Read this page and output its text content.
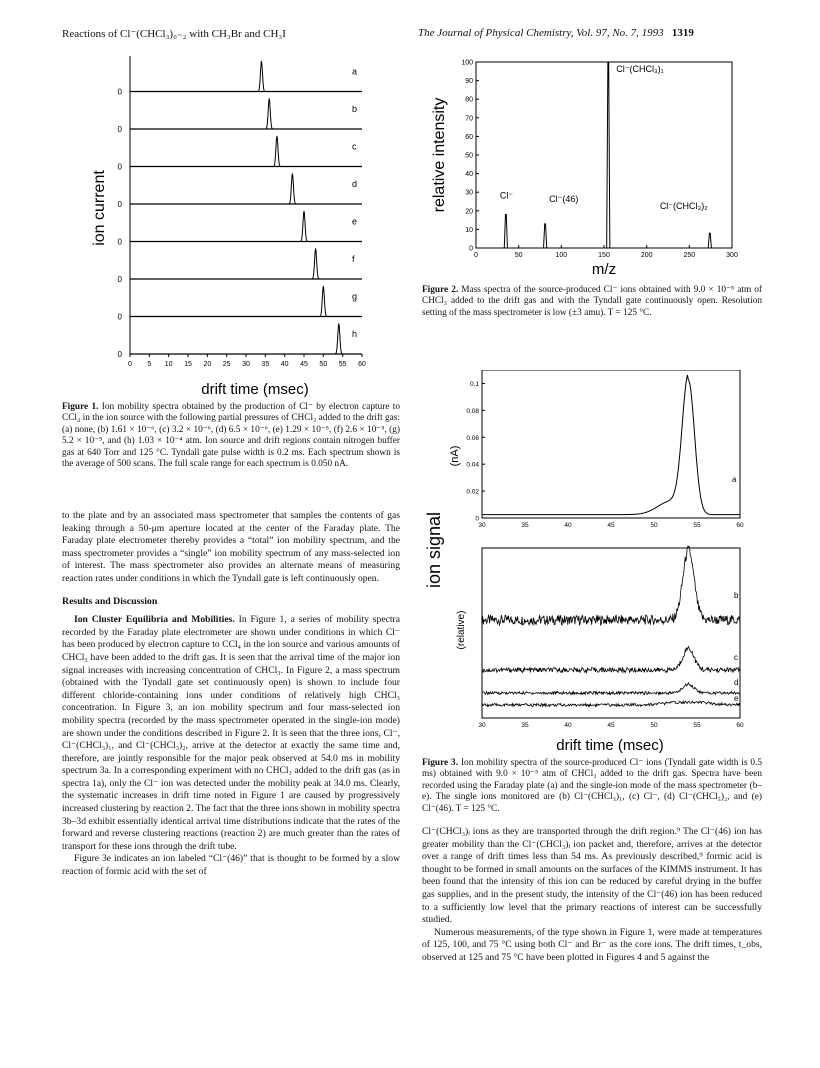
Reactions of Cl⁻(CHCl₃)₀₋₂ with CH₃Br and CH₃I	The Journal of Physical Chemistry, Vol. 97, No. 7, 1993 1319
0
a
0
b
0
c
0
d
0
e
0
f
0
g
0
h
0 5 10 15 20 25 30 35 40 45 50 55 60
ion current
drift time (msec)
Figure 1. Ion mobility spectra obtained by the production of Cl⁻ by electron capture to CCl₄ in the ion source with the following partial pressures of CHCl₃ added to the drift gas: (a) none, (b) 1.61 × 10⁻⁶, (c) 3.2 × 10⁻⁶, (d) 6.5 × 10⁻⁶, (e) 1.29 × 10⁻⁵, (f) 2.6 × 10⁻⁵, (g) 5.2 × 10⁻⁵, and (h) 1.03 × 10⁻⁴ atm. Ion source and drift regions contain nitrogen buffer gas at 640 Torr and 125 °C. Tyndall gate pulse width is 0.2 ms. Each spectrum shown is the average of 500 scans. The full scale range for each spectrum is 0.050 nA.

to the plate and by an associated mass spectrometer that samples the contents of gas leaking through a 50-μm aperture located at the center of the Faraday plate. The Faraday plate electrometer thereby provides a “total” ion mobility spectrum, and the mass spectrometer provides a “single” ion mobility spectrum of any mass-selected ion of interest. The mass spectrometer also provides an alternate means of measuring reaction rates under conditions in which the Tyndall gate is left continuously open.

Results and Discussion

Ion Cluster Equilibria and Mobilities. In Figure 1, a series of mobility spectra recorded by the Faraday plate electrometer are shown under conditions in which Cl⁻ has been produced by electron capture to CCl₄ in the ion source and various amounts of CHCl₃ have been added to the drift gas. It is seen that the arrival time of the major ion signal increases with increasing concentration of CHCl₃. In Figure 2, a mass spectrum (obtained with the Tyndall gate set continuously open) is shown to include four different chloride-containing ions under conditions of relatively high CHCl₃ concentration. In Figure 3, an ion mobility spectrum and four mass-selected ion mobility spectra (recorded by the mass spectrometer operated in the single-ion mode) are shown under the conditions described in Figure 2. It is seen that the three ions, Cl⁻, Cl⁻(CHCl₃)₁, and Cl⁻(CHCl₃)₂, arrive at the detector at exactly the same time and, therefore, are jointly responsible for the major peak observed at 54.0 ms in mobility spectrum 3a. In a corresponding experiment with no CHCl₃ added to the drift gas (as in spectra 1a), only the Cl⁻ ion was detected under the mobility peak at 34.0 ms. Clearly, the systematic increases in drift time noted in Figure 1 are caused by progressively increased clustering by reaction 2. The fact that the three ions shown in mobility spectra 3b–3d exhibit essentially identical arrival time distributions indicate that the rates of the forward and reverse clustering reactions (reaction 2) are much greater than the rates of transport for these ions through the drift tube.

Figure 3e indicates an ion labeled “Cl⁻(46)” that is thought to be formed by a slow reaction of formic acid with the set of

0
10
20
30
40
50
60
70
80
90
100
0	50	100	150	200	250	300
Cl⁻	Cl⁻(46)
Cl⁻(CHCl₃)₁
Cl⁻(CHCl₃)₂
relative intensity
m/z
Figure 2. Mass spectra of the source-produced Cl⁻ ions obtained with 9.0 × 10⁻⁵ atm of CHCl₃ added to the drift gas and with the Tyndall gate continuously open. Resolution setting of the mass spectrometer is low (±3 amu). T = 125 °C.
0
0.02
0.04
0.06
0.08
0.1
30
30
35
35
40
40
45
45
50
50
55
55
60
60
a
b
c
d
e
ion signal
(nA)
(relative)
drift time (msec)
Figure 3. Ion mobility spectra of the source-produced Cl⁻ ions (Tyndall gate width is 0.5 ms) obtained with 9.0 × 10⁻⁵ atm of CHCl₃ added to the drift gas. Spectra have been recorded using the Faraday plate (a) and the single-ion mode of the mass spectrometer (b–e). The single ions monitored are (b) Cl⁻(CHCl₃)₁, (c) Cl⁻, (d) Cl⁻(CHCl₃)₂, and (e) Cl⁻(46). T = 125 °C.

Cl⁻(CHCl₃)ᵢ ions as they are transported through the drift region.⁹ The Cl⁻(46) ion has greater mobility than the Cl⁻(CHCl₃)ᵢ ion packet and, therefore, arrives at the detector over a range of drift times less than 54 ms. As previously described,⁹ formic acid is thought to be formed in small amounts on the surfaces of the KIMMS instrument. It has been found that the intensity of this ion can be reduced by careful drying in the buffer gas supplies, and in the present study, the intensity of the Cl⁻(46) ion has been reduced to a sufficiently low level that the primary reactions of interest can be successfully studied.

Numerous measurements, of the type shown in Figure 1, were made at temperatures of 125, 100, and 75 °C using both Cl⁻ and Br⁻ as the core ions. The drift times, t_obs, observed at 125 and 75 °C have been plotted in Figures 4 and 5 against the
